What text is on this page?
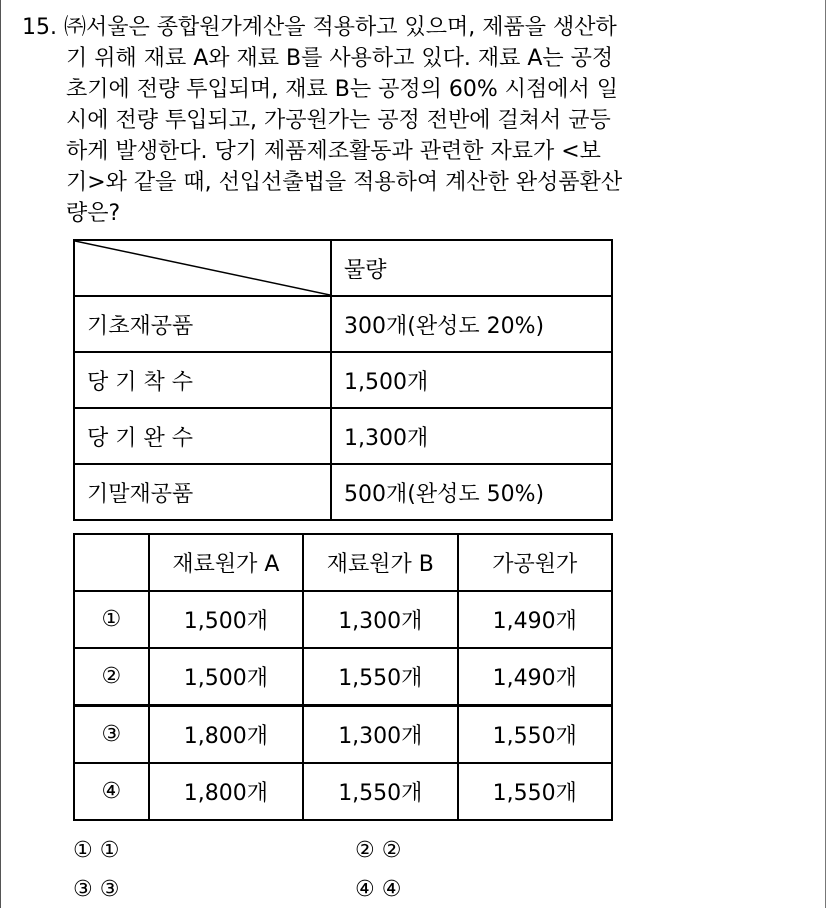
15. ㈜서울은 종합원가계산을 적용하고 있으며, 제품을 생산하
기 위해 재료 A와 재료 B를 사용하고 있다. 재료 A는 공정
초기에 전량 투입되며, 재료 B는 공정의 60% 시점에서 일
시에 전량 투입되고, 가공원가는 공정 전반에 걸쳐서 균등
하게 발생한다. 당기 제품제조활동과 관련한 자료가 <보
기>와 같을 때, 선입선출법을 적용하여 계산한 완성품환산
량은?
	물량
기초재공품	300개(완성도 20%)
당 기 착 수	1,500개
당 기 완 수	1,300개
기말재공품	500개(완성도 50%)
	재료원가 A	재료원가 B	가공원가
①	1,500개	1,300개	1,490개
②	1,500개	1,550개	1,490개
③	1,800개	1,300개	1,550개
④	1,800개	1,550개	1,550개
① ①	② ②
③ ③	④ ④
